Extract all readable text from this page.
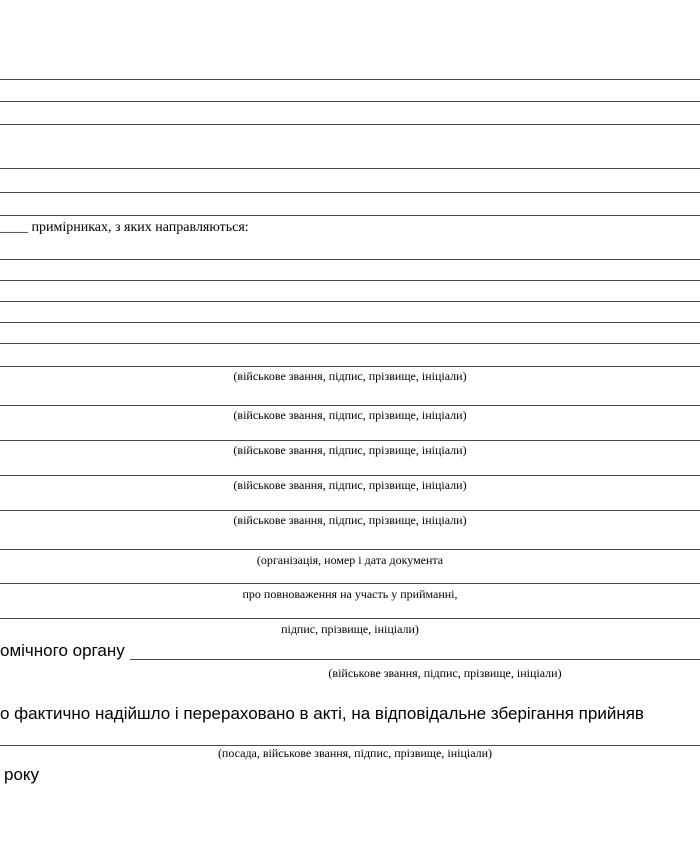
____ примірниках, з яких направляються:
(військове звання, підпис, прізвище, ініціали)
(військове звання, підпис, прізвище, ініціали)
(військове звання, підпис, прізвище, ініціали)
(військове звання, підпис, прізвище, ініціали)
(військове звання, підпис, прізвище, ініціали)
(організація, номер і дата документа
про повноваження на участь у прийманні,
підпис, прізвище, ініціали)
омічного органу
(військове звання, підпис, прізвище, ініціали)
о фактично надійшло і перераховано в акті, на відповідальне зберігання прийняв
(посада, військове звання, підпис, прізвище, ініціали)
року
